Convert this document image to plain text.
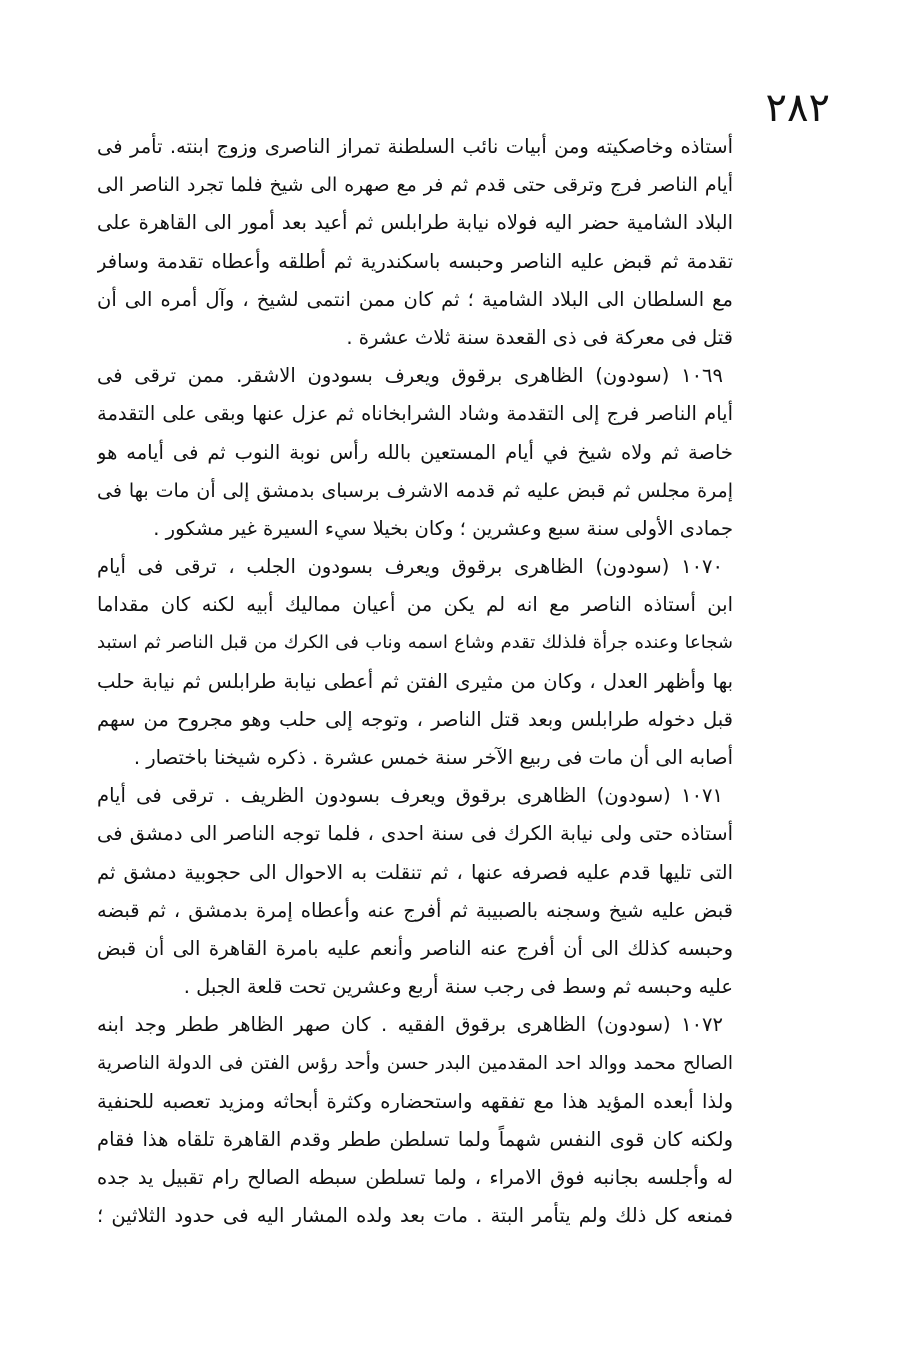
٢٨٢
أستاذه وخاصكيته ومن أبيات نائب السلطنة تمراز الناصرى وزوج ابنته. تأمر فى
أيام الناصر فرج وترقى حتى قدم ثم فر مع صهره الى شيخ فلما تجرد الناصر الى
البلاد الشامية حضر اليه فولاه نيابة طرابلس ثم أعيد بعد أمور الى القاهرة على
تقدمة ثم قبض عليه الناصر وحبسه باسكندرية ثم أطلقه وأعطاه تقدمة وسافر
مع السلطان الى البلاد الشامية ؛ ثم كان ممن انتمى لشيخ ، وآل أمره الى أن
قتل فى معركة فى ذى القعدة سنة ثلاث عشرة .
١٠٦٩ (سودون) الظاهرى برقوق ويعرف بسودون الاشقر. ممن ترقى فى
أيام الناصر فرج إلى التقدمة وشاد الشرابخاناه ثم عزل عنها وبقى على التقدمة
خاصة ثم ولاه شيخ في أيام المستعين بالله رأس نوبة النوب ثم فى أيامه هو
إمرة مجلس ثم قبض عليه ثم قدمه الاشرف برسباى بدمشق إلى أن مات بها فى
جمادى الأولى سنة سبع وعشرين ؛ وكان بخيلا سيء السيرة غير مشكور .
١٠٧٠ (سودون) الظاهرى برقوق ويعرف بسودون الجلب ، ترقى فى أيام
ابن أستاذه الناصر مع انه لم يكن من أعيان مماليك أبيه لكنه كان مقداما
شجاعا وعنده جرأة فلذلك تقدم وشاع اسمه وناب فى الكرك من قبل الناصر ثم استبد
بها وأظهر العدل ، وكان من مثيرى الفتن ثم أعطى نيابة طرابلس ثم نيابة حلب
قبل دخوله طرابلس وبعد قتل الناصر ، وتوجه إلى حلب وهو مجروح من سهم
أصابه الى أن مات فى ربيع الآخر سنة خمس عشرة . ذكره شيخنا باختصار .
١٠٧١ (سودون) الظاهرى برقوق ويعرف بسودون الظريف . ترقى فى أيام
أستاذه حتى ولى نيابة الكرك فى سنة احدى ، فلما توجه الناصر الى دمشق فى
التى تليها قدم عليه فصرفه عنها ، ثم تنقلت به الاحوال الى حجوبية دمشق ثم
قبض عليه شيخ وسجنه بالصبيبة ثم أفرج عنه وأعطاه إمرة بدمشق ، ثم قبضه
وحبسه كذلك الى أن أفرج عنه الناصر وأنعم عليه بامرة القاهرة الى أن قبض
عليه وحبسه ثم وسط فى رجب سنة أربع وعشرين تحت قلعة الجبل .
١٠٧٢ (سودون) الظاهرى برقوق الفقيه . كان صهر الظاهر ططر وجد ابنه
الصالح محمد ووالد احد المقدمين البدر حسن وأحد رؤس الفتن فى الدولة الناصرية
ولذا أبعده المؤيد هذا مع تفقهه واستحضاره وكثرة أبحاثه ومزيد تعصبه للحنفية
ولكنه كان قوى النفس شهماً ولما تسلطن ططر وقدم القاهرة تلقاه هذا فقام
له وأجلسه بجانبه فوق الامراء ، ولما تسلطن سبطه الصالح رام تقبيل يد جده
فمنعه كل ذلك ولم يتأمر البتة . مات بعد ولده المشار اليه فى حدود الثلاثين ؛
